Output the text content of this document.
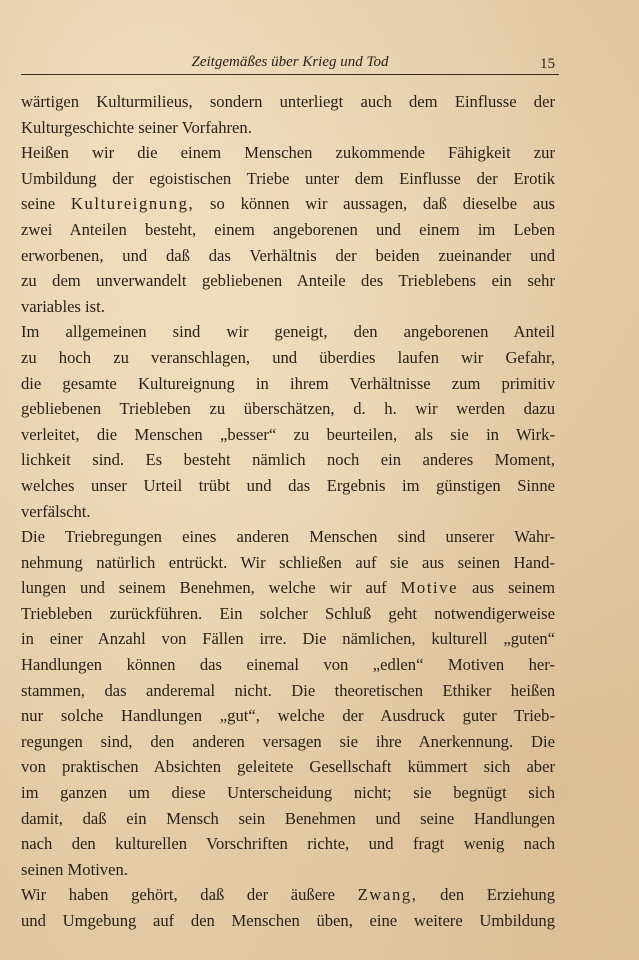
Zeitgemäßes über Krieg und Tod	15
wärtigen Kulturmilieus, sondern unterliegt auch dem Einflusse der
Kulturgeschichte seiner Vorfahren.
Heißen wir die einem Menschen zukommende Fähigkeit zur
Umbildung der egoistischen Triebe unter dem Einflusse der Erotik
seine Kultureignung, so können wir aussagen, daß dieselbe aus
zwei Anteilen besteht, einem angeborenen und einem im Leben
erworbenen, und daß das Verhältnis der beiden zueinander und
zu dem unverwandelt gebliebenen Anteile des Trieblebens ein sehr
variables ist.
Im allgemeinen sind wir geneigt, den angeborenen Anteil
zu hoch zu veranschlagen, und überdies laufen wir Gefahr,
die gesamte Kultureignung in ihrem Verhältnisse zum primitiv
gebliebenen Triebleben zu überschätzen, d. h. wir werden dazu
verleitet, die Menschen „besser“ zu beurteilen, als sie in Wirk-
lichkeit sind. Es besteht nämlich noch ein anderes Moment,
welches unser Urteil trübt und das Ergebnis im günstigen Sinne
verfälscht.
Die Triebregungen eines anderen Menschen sind unserer Wahr-
nehmung natürlich entrückt. Wir schließen auf sie aus seinen Hand-
lungen und seinem Benehmen, welche wir auf Motive aus seinem
Triebleben zurückführen. Ein solcher Schluß geht notwendigerweise
in einer Anzahl von Fällen irre. Die nämlichen, kulturell „guten“
Handlungen können das einemal von „edlen“ Motiven her-
stammen, das anderemal nicht. Die theoretischen Ethiker heißen
nur solche Handlungen „gut“, welche der Ausdruck guter Trieb-
regungen sind, den anderen versagen sie ihre Anerkennung. Die
von praktischen Absichten geleitete Gesellschaft kümmert sich aber
im ganzen um diese Unterscheidung nicht; sie begnügt sich
damit, daß ein Mensch sein Benehmen und seine Handlungen
nach den kulturellen Vorschriften richte, und fragt wenig nach
seinen Motiven.
Wir haben gehört, daß der äußere Zwang, den Erziehung
und Umgebung auf den Menschen üben, eine weitere Umbildung
